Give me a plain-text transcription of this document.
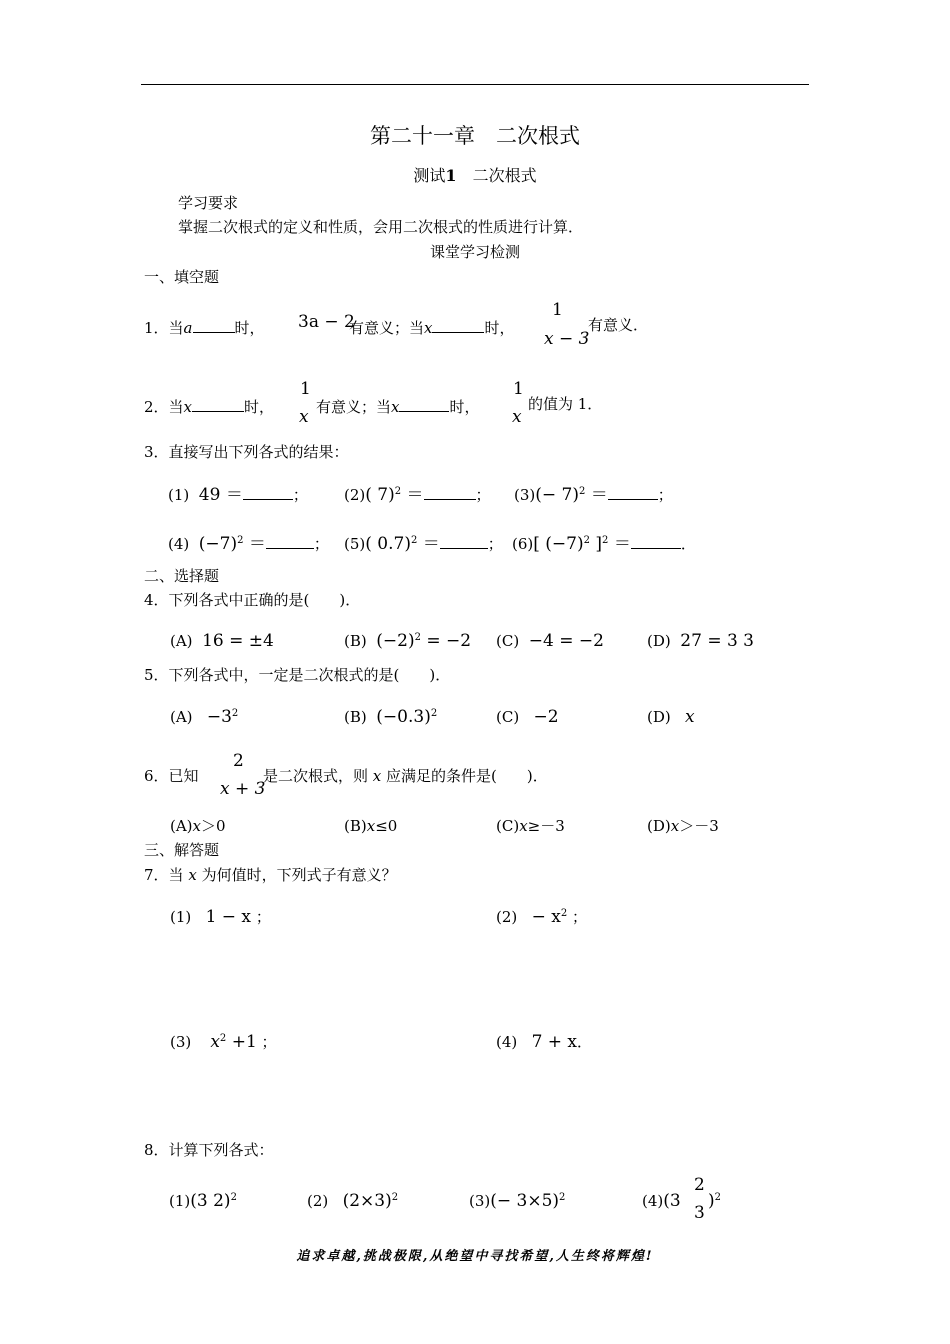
第二十一章　二次根式
测试1　 二次根式
学习要求
掌握二次根式的定义和性质，会用二次根式的性质进行计算．
课堂学习检测
一、填空题
1．当a	时， 3a − 2
有意义；当x	时，
1
x − 3
有意义．
2．当x	时，
1
x 有意义；当x	时，
1
x
的值为 1．
3．直接写出下列各式的结果：
(1) 49 ＝	； (2)( 7)$^2$ ＝	； $(3)(- 7)^2$ ＝	；
(4) $(-7)^2$ ＝	； (5)( 0.7)$^2$ ＝	； (6)[ $(-7)^2$ ]$^2$ ＝	．
二、选择题
4．下列各式中正确的是(　　)．
(A) 16 = ±4	(B) $(-2)^2 = -2$ (C) −4 = −2	(D) 27 = 3 3
5．下列各式中，一定是二次根式的是(　　)．
$(A) -3^2$	(B) $(-0.3)^2$	(C) −2	(D) x
6．已知
2
x + 3
是二次根式，则 x 应满足的条件是(　　)．
(A)x＞0	(B)x≤0	(C)x≥－3	(D)x＞－3
三、解答题
7．当 x 为何值时，下列式子有意义？
(1) 1 − x ；	$(2) - x^2$ ；
(3) $x^2 +1$ ；	(4) 7 + x．
8．计算下列各式：
(1)(3 2)$^2$	(2) $(2\times 3)^2$	$(3)(- 3\times 5)^2$	(4)(3
2
3
)$^2$
追求卓越,挑战极限,从绝望中寻找希望,人生终将辉煌!
